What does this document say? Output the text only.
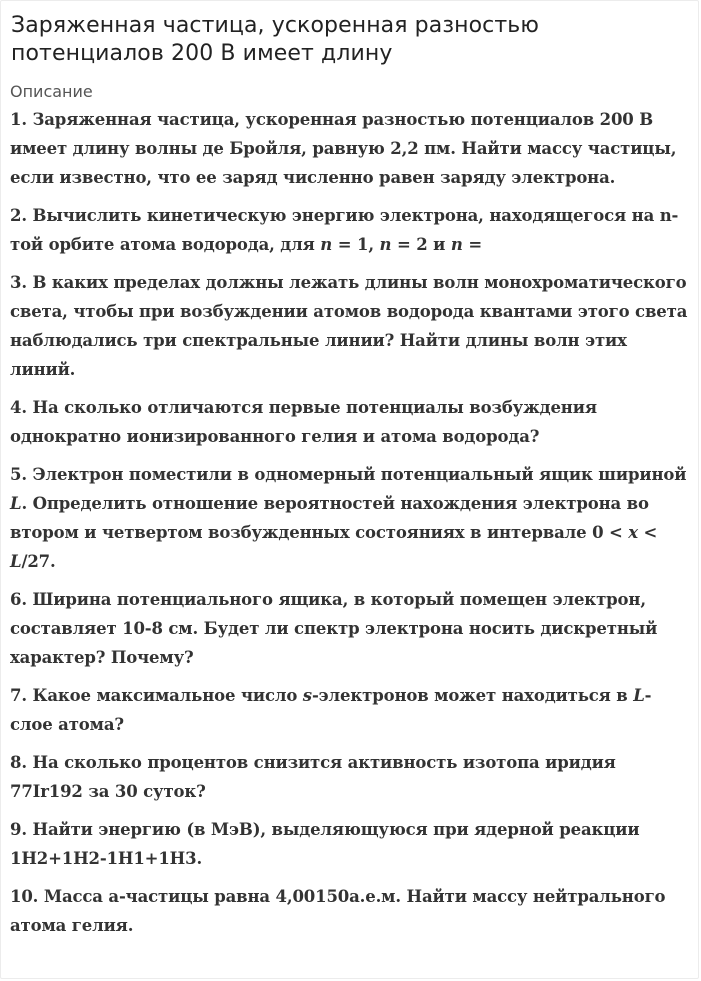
Заряженная частица, ускоренная разностью потенциалов 200 В имеет длину
Описание
1. Заряженная частица, ускоренная разностью потенциалов 200 В имеет длину волны де Бройля, равную 2,2 пм. Найти массу частицы, если известно, что ее заряд численно равен заряду электрона.
2. Вычислить кинетическую энергию электрона, находящегося на n-той орбите атома водорода, для n = 1, n = 2 и n =
3. В каких пределах должны лежать длины волн монохроматического света, чтобы при возбуждении атомов водорода квантами этого света наблюдались три спектральные линии? Найти длины волн этих линий.
4. На сколько отличаются первые потенциалы возбуждения однократно ионизированного гелия и атома водорода?
5. Электрон поместили в одномерный потенциальный ящик шириной L. Определить отношение вероятностей нахождения электрона во втором и четвертом возбужденных состояниях в интервале 0 < x < L/27.
6. Ширина потенциального ящика, в который помещен электрон, составляет 10-8 см. Будет ли спектр электрона носить дискретный характер? Почему?
7. Какое максимальное число s-электронов может находиться в L-слое атома?
8. На сколько процентов снизится активность изотопа иридия 77Ir192 за 30 суток?
9. Найти энергию (в МэВ), выделяющуюся при ядерной реакции 1H2+1H2-1H1+1H3.
10. Масса а-частицы равна 4,00150а.е.м. Найти массу нейтрального атома гелия.
